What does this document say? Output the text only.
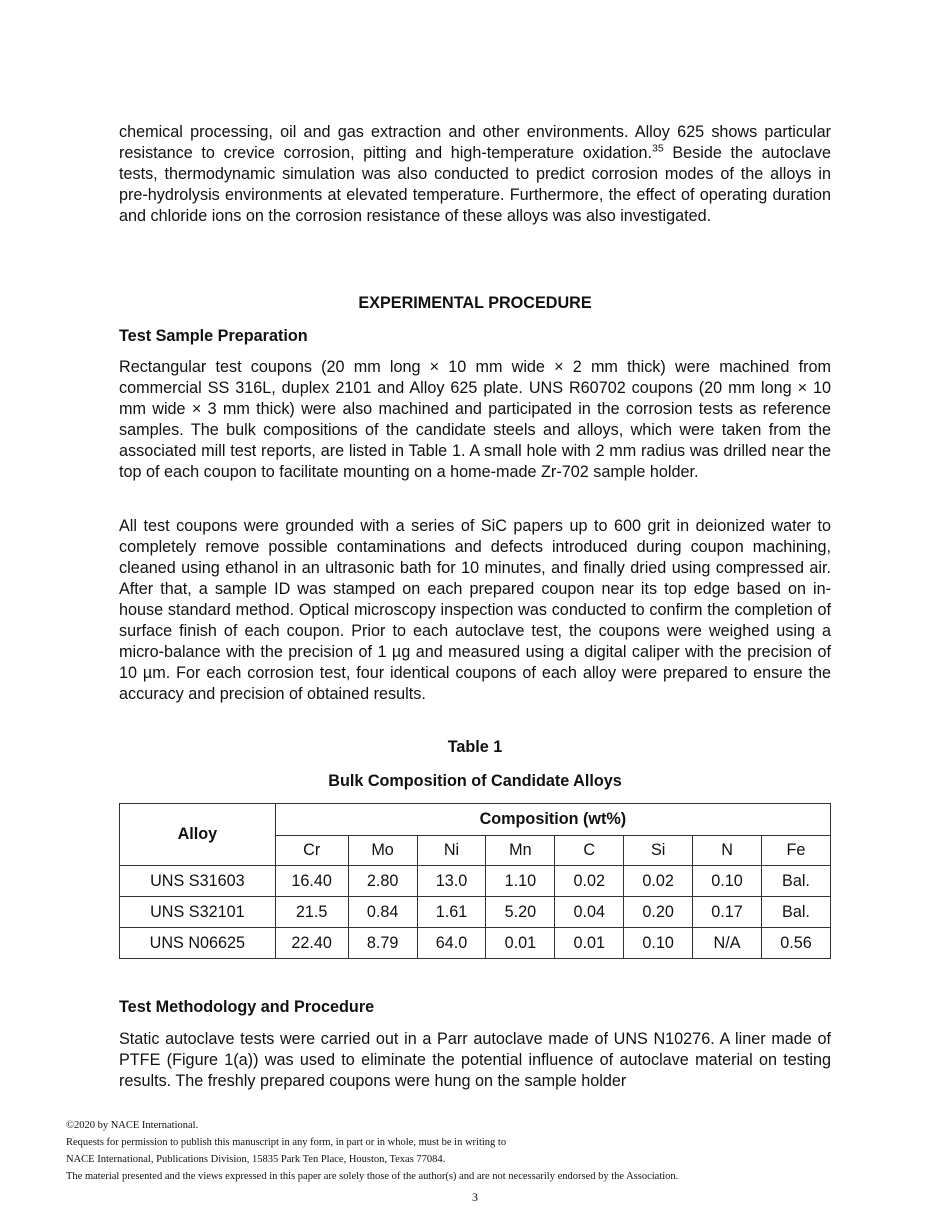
chemical processing, oil and gas extraction and other environments. Alloy 625 shows particular resistance to crevice corrosion, pitting and high-temperature oxidation.$^{35}$ Beside the autoclave tests, thermodynamic simulation was also conducted to predict corrosion modes of the alloys in pre-hydrolysis environments at elevated temperature. Furthermore, the effect of operating duration and chloride ions on the corrosion resistance of these alloys was also investigated.

EXPERIMENTAL PROCEDURE

Test Sample Preparation

Rectangular test coupons (20 mm long × 10 mm wide × 2 mm thick) were machined from commercial SS 316L, duplex 2101 and Alloy 625 plate. UNS R60702 coupons (20 mm long × 10 mm wide × 3 mm thick) were also machined and participated in the corrosion tests as reference samples. The bulk compositions of the candidate steels and alloys, which were taken from the associated mill test reports, are listed in Table 1. A small hole with 2 mm radius was drilled near the top of each coupon to facilitate mounting on a home-made Zr-702 sample holder.

All test coupons were grounded with a series of SiC papers up to 600 grit in deionized water to completely remove possible contaminations and defects introduced during coupon machining, cleaned using ethanol in an ultrasonic bath for 10 minutes, and finally dried using compressed air. After that, a sample ID was stamped on each prepared coupon near its top edge based on in-house standard method. Optical microscopy inspection was conducted to confirm the completion of surface finish of each coupon. Prior to each autoclave test, the coupons were weighed using a micro-balance with the precision of 1 µg and measured using a digital caliper with the precision of 10 µm. For each corrosion test, four identical coupons of each alloy were prepared to ensure the accuracy and precision of obtained results.

Table 1

Bulk Composition of Candidate Alloys

Alloy	Composition (wt%)							
	Cr	Mo	Ni	Mn	C	Si	N	Fe
UNS S31603	16.40	2.80	13.0	1.10	0.02	0.02	0.10	Bal.
UNS S32101	21.5	0.84	1.61	5.20	0.04	0.20	0.17	Bal.
UNS N06625	22.40	8.79	64.0	0.01	0.01	0.10	N/A	0.56

Test Methodology and Procedure

Static autoclave tests were carried out in a Parr autoclave made of UNS N10276. A liner made of PTFE (Figure 1(a)) was used to eliminate the potential influence of autoclave material on testing results. The freshly prepared coupons were hung on the sample holder

©2020 by NACE International.
Requests for permission to publish this manuscript in any form, in part or in whole, must be in writing to
NACE International, Publications Division, 15835 Park Ten Place, Houston, Texas 77084.
The material presented and the views expressed in this paper are solely those of the author(s) and are not necessarily endorsed by the Association.
3
